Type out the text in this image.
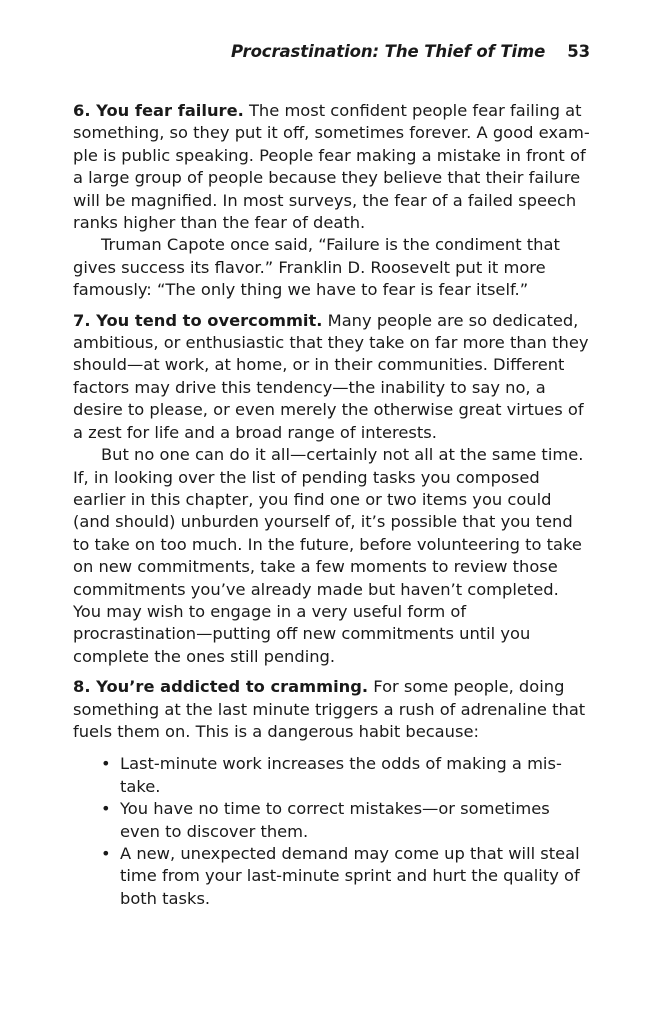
Procrastination: The Thief of Time 53

6. You fear failure. The most confident people fear failing at something, so they put it off, sometimes forever. A good example is public speaking. People fear making a mistake in front of a large group of people because they believe that their failure will be magnified. In most surveys, the fear of a failed speech ranks higher than the fear of death.

Truman Capote once said, “Failure is the condiment that gives success its flavor.” Franklin D. Roosevelt put it more famously: “The only thing we have to fear is fear itself.”

7. You tend to overcommit. Many people are so dedicated, ambitious, or enthusiastic that they take on far more than they should—at work, at home, or in their communities. Different factors may drive this tendency—the inability to say no, a desire to please, or even merely the otherwise great virtues of a zest for life and a broad range of interests.

But no one can do it all—certainly not all at the same time. If, in looking over the list of pending tasks you composed earlier in this chapter, you find one or two items you could (and should) unburden yourself of, it’s possible that you tend to take on too much. In the future, before volunteering to take on new commitments, take a few moments to review those commitments you’ve already made but haven’t completed. You may wish to engage in a very useful form of procrastination—putting off new commitments until you complete the ones still pending.

8. You’re addicted to cramming. For some people, doing something at the last minute triggers a rush of adrenaline that fuels them on. This is a dangerous habit because:

• Last-minute work increases the odds of making a mistake.
• You have no time to correct mistakes—or sometimes even to discover them.
• A new, unexpected demand may come up that will steal time from your last-minute sprint and hurt the quality of both tasks.
